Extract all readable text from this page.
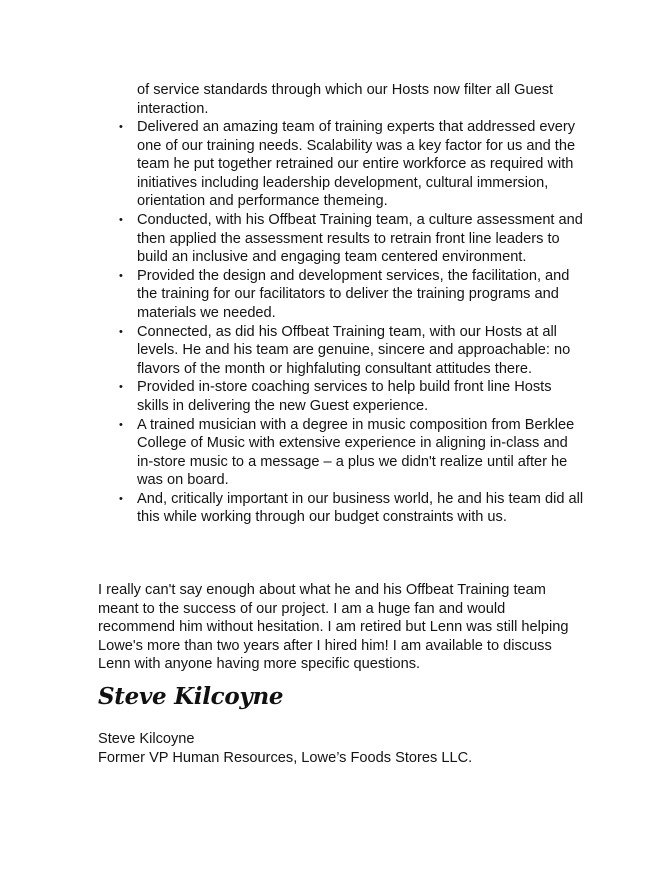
of service standards through which our Hosts now filter all Guest interaction.

• Delivered an amazing team of training experts that addressed every one of our training needs. Scalability was a key factor for us and the team he put together retrained our entire workforce as required with initiatives including leadership development, cultural immersion, orientation and performance themeing.
• Conducted, with his Offbeat Training team, a culture assessment and then applied the assessment results to retrain front line leaders to build an inclusive and engaging team centered environment.
• Provided the design and development services, the facilitation, and the training for our facilitators to deliver the training programs and materials we needed.
• Connected, as did his Offbeat Training team, with our Hosts at all levels. He and his team are genuine, sincere and approachable: no flavors of the month or highfaluting consultant attitudes there.
• Provided in-store coaching services to help build front line Hosts skills in delivering the new Guest experience.
• A trained musician with a degree in music composition from Berklee College of Music with extensive experience in aligning in-class and in-store music to a message – a plus we didn't realize until after he was on board.
• And, critically important in our business world, he and his team did all this while working through our budget constraints with us.

I really can't say enough about what he and his Offbeat Training team meant to the success of our project. I am a huge fan and would recommend him without hesitation. I am retired but Lenn was still helping Lowe's more than two years after I hired him! I am available to discuss Lenn with anyone having more specific questions.

Steve Kilcoyne

Steve Kilcoyne
Former VP Human Resources, Lowe’s Foods Stores LLC.
